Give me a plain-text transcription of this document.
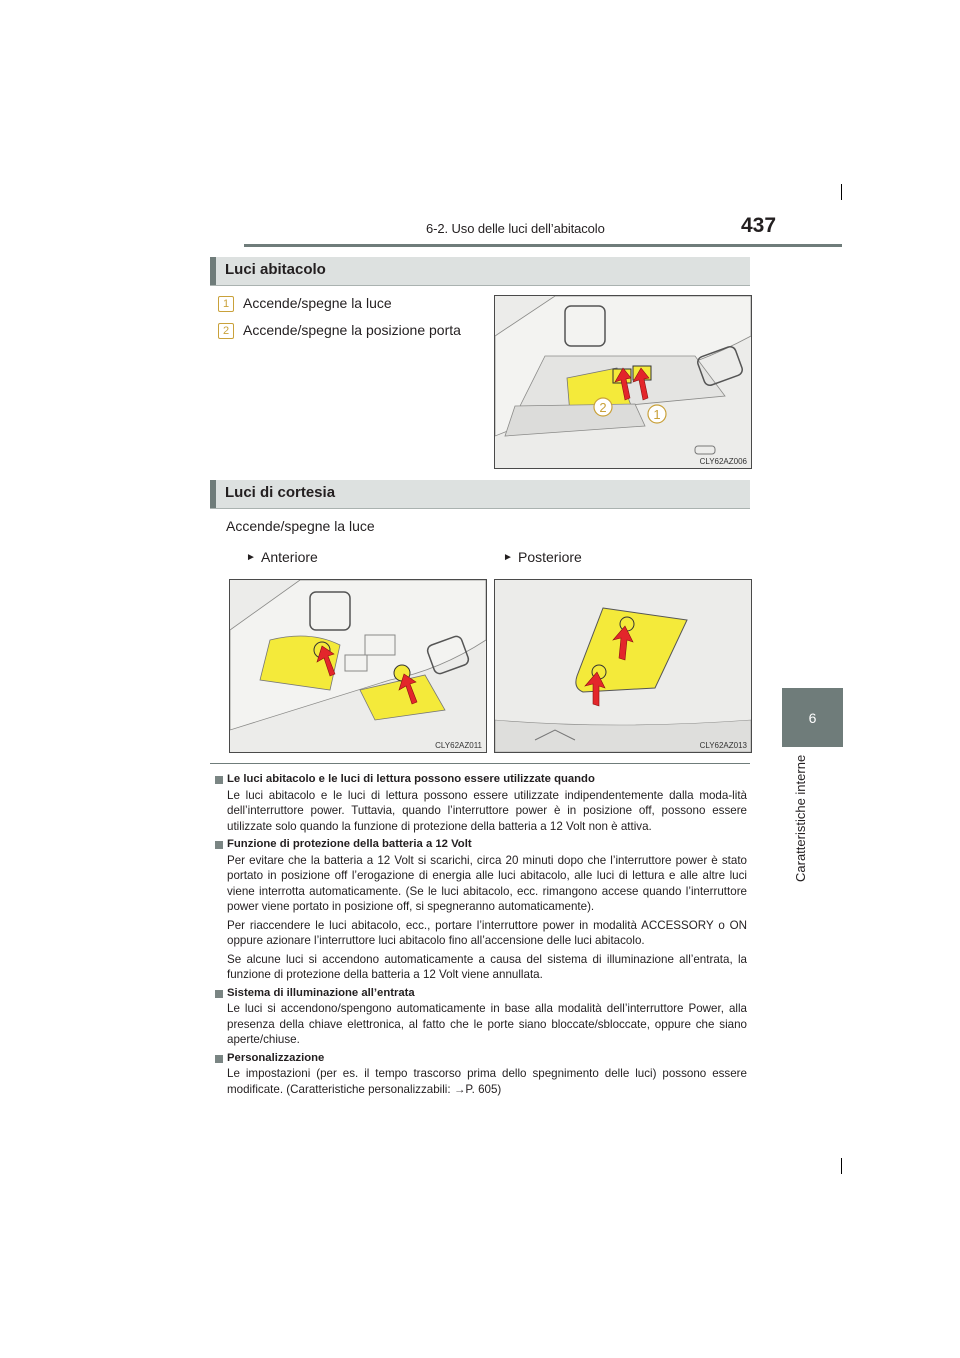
6-2. Uso delle luci dell’abitacolo	437
6
Caratteristiche interne
Luci abitacolo
1 Accende/spegne la luce
2 Accende/spegne la posizione porta
2	1
CLY62AZ006
Luci di cortesia
Accende/spegne la luce
► Anteriore	► Posteriore
CLY62AZ011	CLY62AZ013
Le luci abitacolo e le luci di lettura possono essere utilizzate quando
Le luci abitacolo e le luci di lettura possono essere utilizzate indipendentemente dalla moda-lità dell’interruttore power. Tuttavia, quando l’interruttore power è in posizione off, possono essere utilizzate solo quando la funzione di protezione della batteria a 12 Volt non è attiva.
Funzione di protezione della batteria a 12 Volt
Per evitare che la batteria a 12 Volt si scarichi, circa 20 minuti dopo che l’interruttore power è stato portato in posizione off l’erogazione di energia alle luci abitacolo, alle luci di lettura e alle altre luci viene interrotta automaticamente. (Se le luci abitacolo, ecc. rimangono accese quando l’interruttore power viene portato in posizione off, si spegneranno automaticamente).
Per riaccendere le luci abitacolo, ecc., portare l’interruttore power in modalità ACCESSORY o ON oppure azionare l’interruttore luci abitacolo fino all’accensione delle luci abitacolo.
Se alcune luci si accendono automaticamente a causa del sistema di illuminazione all’entrata, la funzione di protezione della batteria a 12 Volt viene annullata.
Sistema di illuminazione all’entrata
Le luci si accendono/spengono automaticamente in base alla modalità dell’interruttore Power, alla presenza della chiave elettronica, al fatto che le porte siano bloccate/sbloccate, oppure che siano aperte/chiuse.
Personalizzazione
Le impostazioni (per es. il tempo trascorso prima dello spegnimento delle luci) possono essere modificate. (Caratteristiche personalizzabili: →P. 605)
